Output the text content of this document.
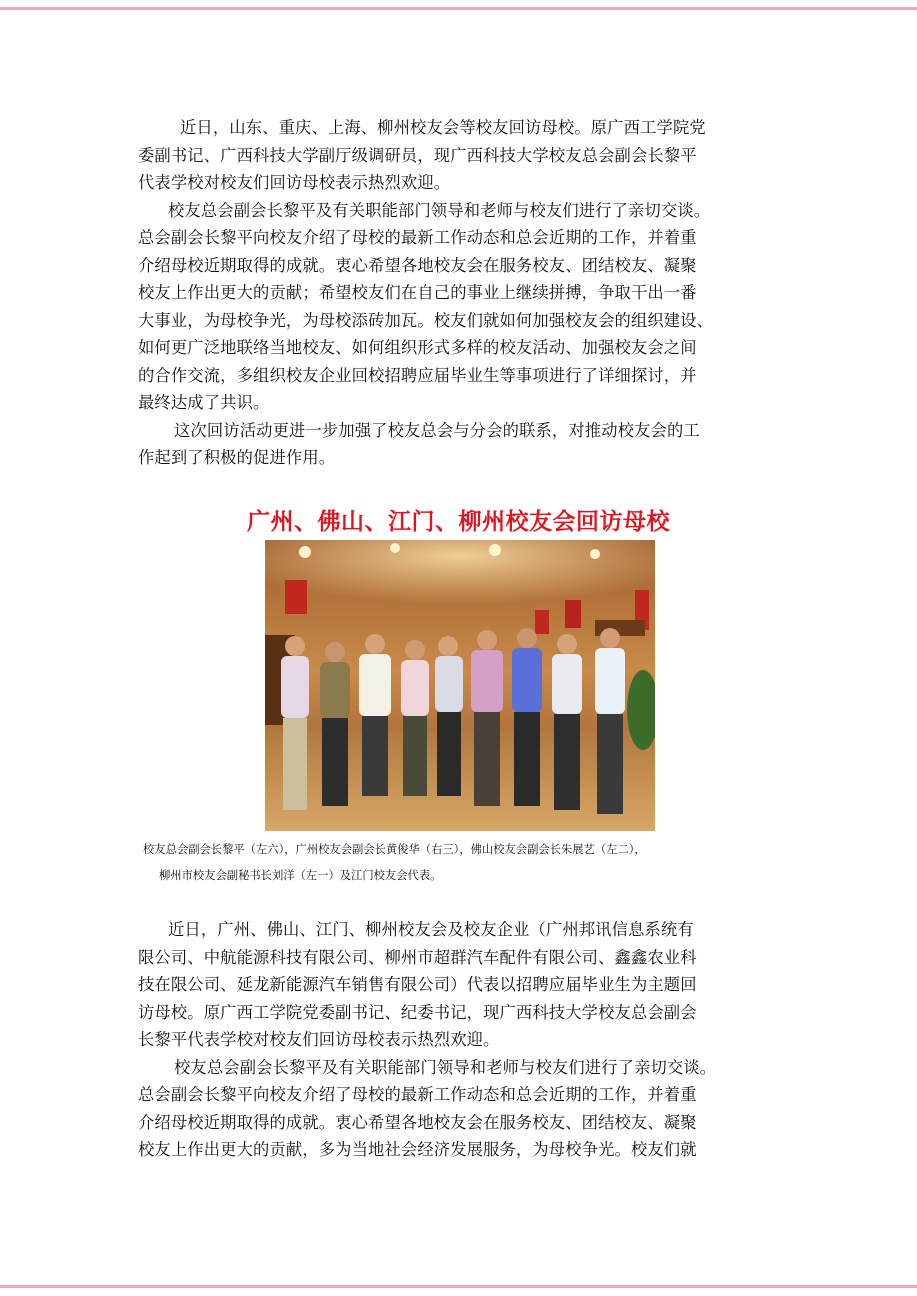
近日，山东、重庆、上海、柳州校友会等校友回访母校。原广西工学院党

委副书记、广西科技大学副厅级调研员，现广西科技大学校友总会副会长黎平

代表学校对校友们回访母校表示热烈欢迎。

校友总会副会长黎平及有关职能部门领导和老师与校友们进行了亲切交谈。

总会副会长黎平向校友介绍了母校的最新工作动态和总会近期的工作，并着重

介绍母校近期取得的成就。衷心希望各地校友会在服务校友、团结校友、凝聚

校友上作出更大的贡献；希望校友们在自己的事业上继续拼搏，争取干出一番

大事业，为母校争光，为母校添砖加瓦。校友们就如何加强校友会的组织建设、

如何更广泛地联络当地校友、如何组织形式多样的校友活动、加强校友会之间

的合作交流，多组织校友企业回校招聘应届毕业生等事项进行了详细探讨，并

最终达成了共识。

这次回访活动更进一步加强了校友总会与分会的联系，对推动校友会的工

作起到了积极的促进作用。

广州、佛山、江门、柳州校友会回访母校

校友总会副会长黎平（左六），广州校友会副会长黄俊华（右三），佛山校友会副会长朱展艺（左二），

柳州市校友会副秘书长刘洋（左一）及江门校友会代表。

近日，广州、佛山、江门、柳州校友会及校友企业（广州邦讯信息系统有

限公司、中航能源科技有限公司、柳州市超群汽车配件有限公司、鑫鑫农业科

技在限公司、延龙新能源汽车销售有限公司）代表以招聘应届毕业生为主题回

访母校。原广西工学院党委副书记、纪委书记，现广西科技大学校友总会副会

长黎平代表学校对校友们回访母校表示热烈欢迎。

校友总会副会长黎平及有关职能部门领导和老师与校友们进行了亲切交谈。

总会副会长黎平向校友介绍了母校的最新工作动态和总会近期的工作，并着重

介绍母校近期取得的成就。衷心希望各地校友会在服务校友、团结校友、凝聚

校友上作出更大的贡献，多为当地社会经济发展服务，为母校争光。校友们就
